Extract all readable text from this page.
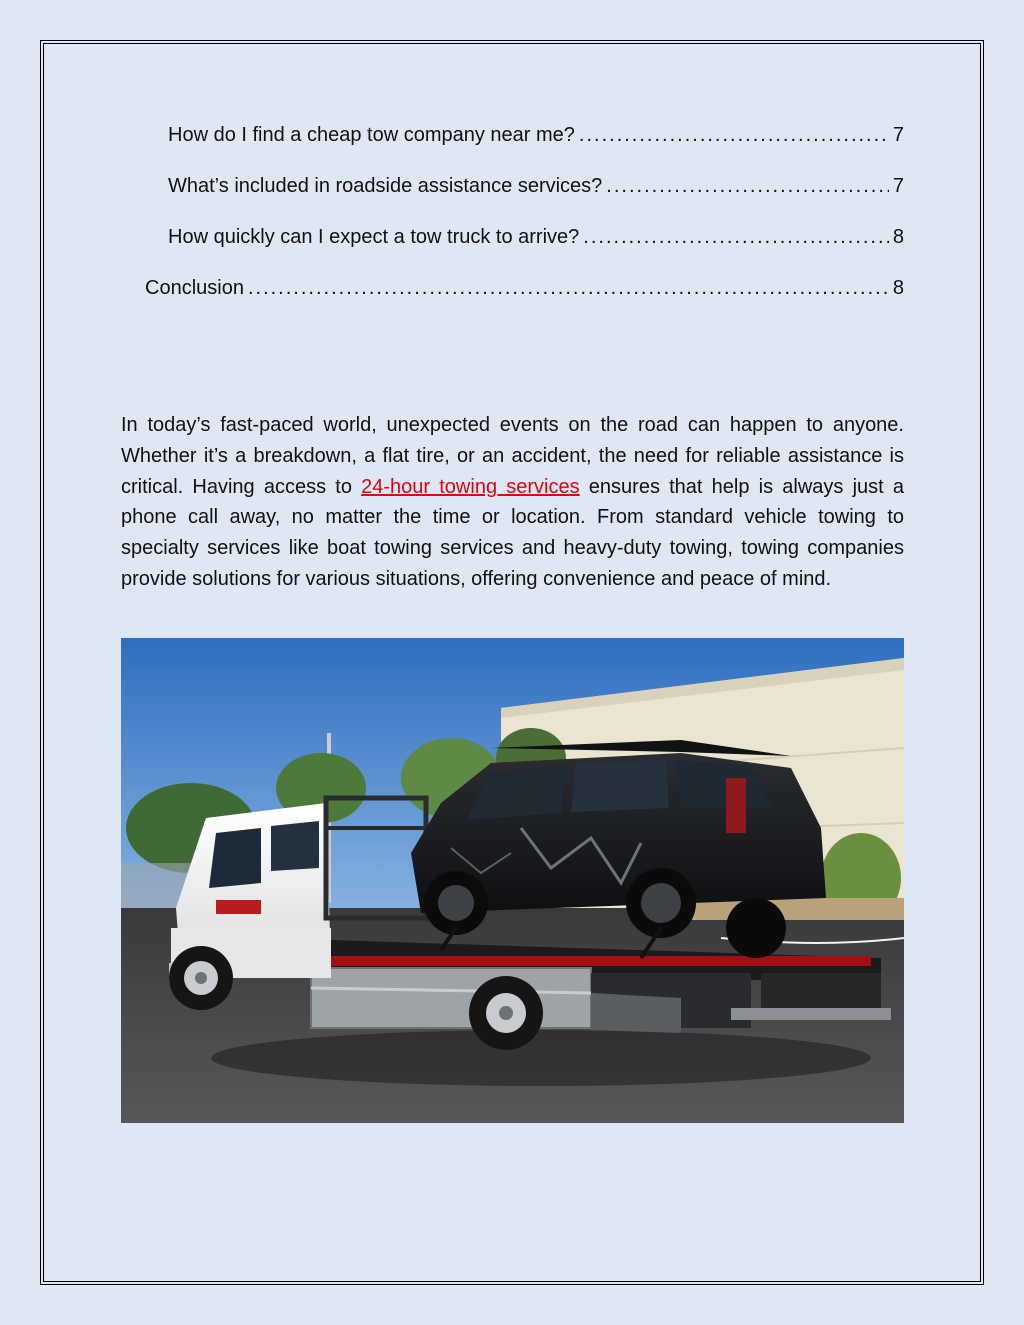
How do I find a cheap tow company near me? .....	7
What’s included in roadside assistance services? .....	7
How quickly can I expect a tow truck to arrive? .....	8
Conclusion .....	8

In today’s fast-paced world, unexpected events on the road can happen to anyone. Whether it’s a breakdown, a flat tire, or an accident, the need for reliable assistance is critical. Having access to 24-hour towing services ensures that help is always just a phone call away, no matter the time or location. From standard vehicle towing to specialty services like boat towing services and heavy-duty towing, towing companies provide solutions for various situations, offering convenience and peace of mind.
